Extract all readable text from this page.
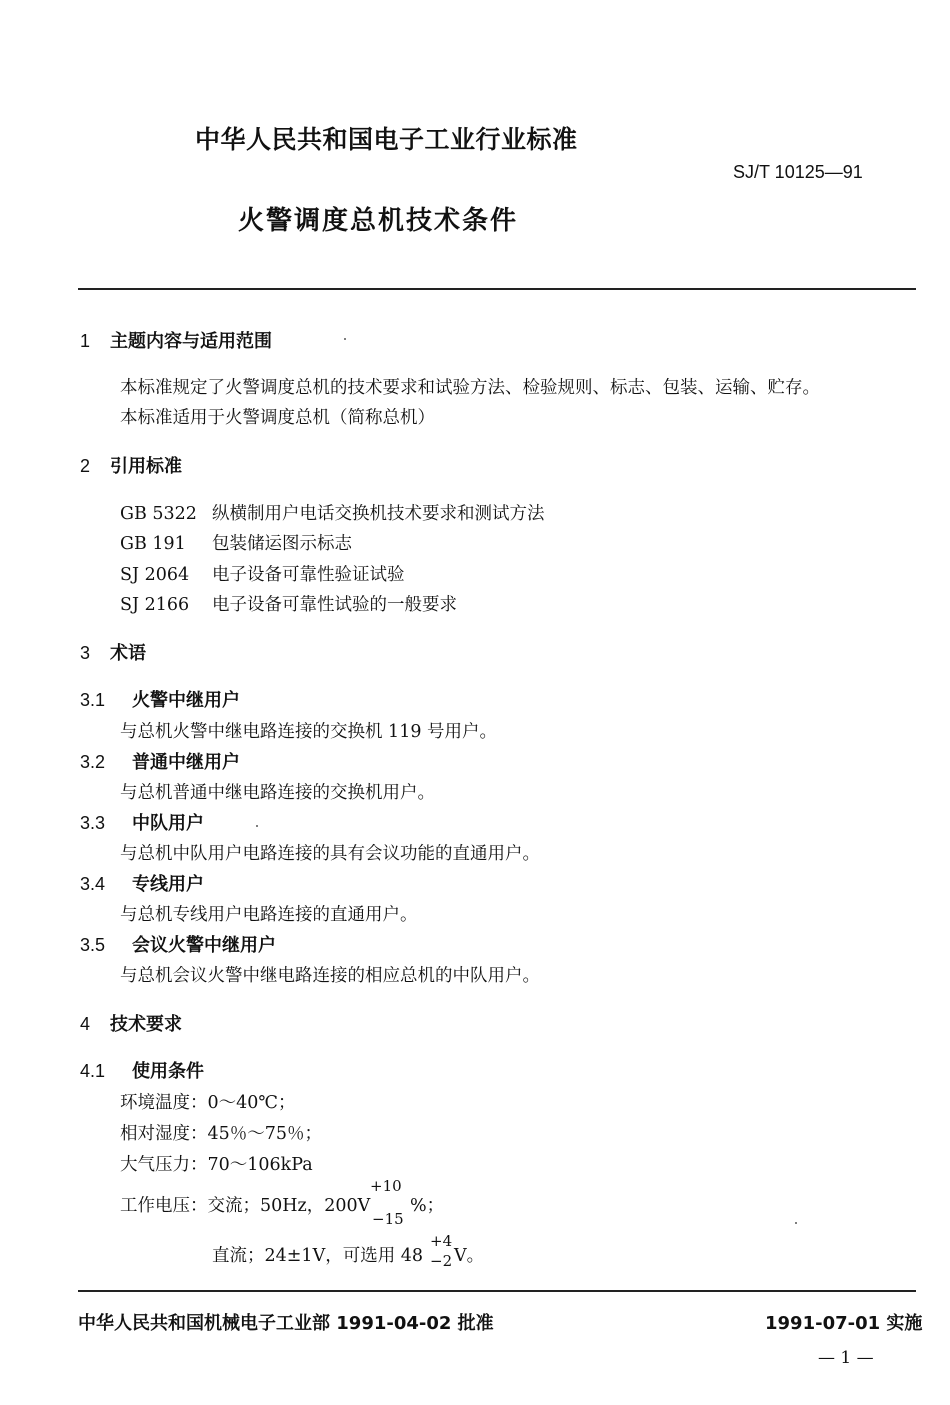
中华人民共和国电子工业行业标准
SJ/T 10125—91
火警调度总机技术条件
1 主题内容与适用范围
本标准规定了火警调度总机的技术要求和试验方法、检验规则、标志、包装、运输、贮存。
本标准适用于火警调度总机（简称总机）
2 引用标准
GB 5322 纵横制用户电话交换机技术要求和测试方法
GB 191 包装储运图示标志
SJ 2064 电子设备可靠性验证试验
SJ 2166 电子设备可靠性试验的一般要求
3 术语
3.1 火警中继用户
与总机火警中继电路连接的交换机 119 号用户。
3.2 普通中继用户
与总机普通中继电路连接的交换机用户。
3.3 中队用户
与总机中队用户电路连接的具有会议功能的直通用户。
3.4 专线用户
与总机专线用户电路连接的直通用户。
3.5 会议火警中继用户
与总机会议火警中继电路连接的相应总机的中队用户。
4 技术要求
4.1 使用条件
环境温度：0～40℃；
相对湿度：45％～75％；
大气压力：70～106kPa
工作电压：交流；50Hz，200V
+10
−15
%；
直流；24±1V，可选用 48
+4
−2 V。
中华人民共和国机械电子工业部 1991-04-02 批准	1991-07-01 实施
— 1 —
